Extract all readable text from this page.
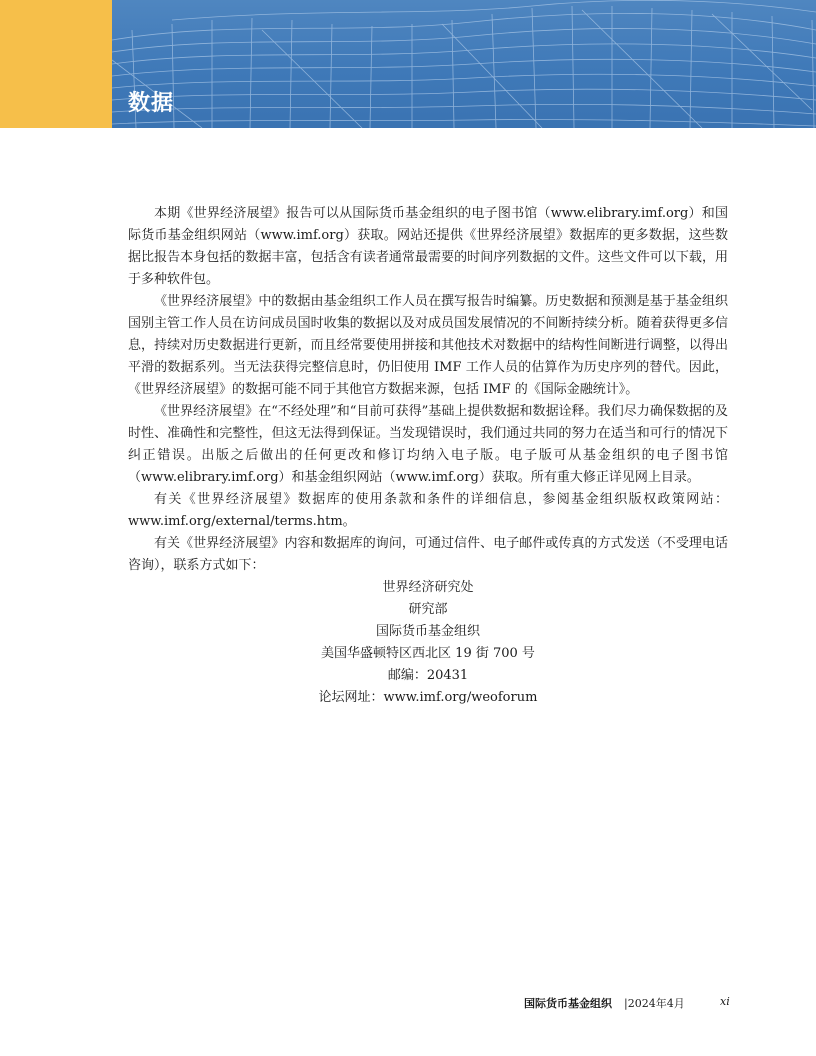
数据

本期《世界经济展望》报告可以从国际货币基金组织的电子图书馆（www.elibrary.imf.org）和国际货币基金组织网站（www.imf.org）获取。网站还提供《世界经济展望》数据库的更多数据，这些数据比报告本身包括的数据丰富，包括含有读者通常最需要的时间序列数据的文件。这些文件可以下载，用于多种软件包。

《世界经济展望》中的数据由基金组织工作人员在撰写报告时编纂。历史数据和预测是基于基金组织国别主管工作人员在访问成员国时收集的数据以及对成员国发展情况的不间断持续分析。随着获得更多信息，持续对历史数据进行更新，而且经常要使用拼接和其他技术对数据中的结构性间断进行调整，以得出平滑的数据系列。当无法获得完整信息时，仍旧使用 IMF 工作人员的估算作为历史序列的替代。因此，《世界经济展望》的数据可能不同于其他官方数据来源，包括 IMF 的《国际金融统计》。

《世界经济展望》在“不经处理”和“目前可获得”基础上提供数据和数据诠释。我们尽力确保数据的及时性、准确性和完整性，但这无法得到保证。当发现错误时，我们通过共同的努力在适当和可行的情况下纠正错误。出版之后做出的任何更改和修订均纳入电子版。电子版可从基金组织的电子图书馆（www.elibrary.imf.org）和基金组织网站（www.imf.org）获取。所有重大修正详见网上目录。

有关《世界经济展望》数据库的使用条款和条件的详细信息，参阅基金组织版权政策网站：www.imf.org/external/terms.htm。

有关《世界经济展望》内容和数据库的询问，可通过信件、电子邮件或传真的方式发送（不受理电话咨询），联系方式如下：

世界经济研究处
研究部
国际货币基金组织
美国华盛顿特区西北区 19 街 700 号
邮编：20431
论坛网址：www.imf.org/weoforum
国际货币基金组织 |2024年4月	xi
